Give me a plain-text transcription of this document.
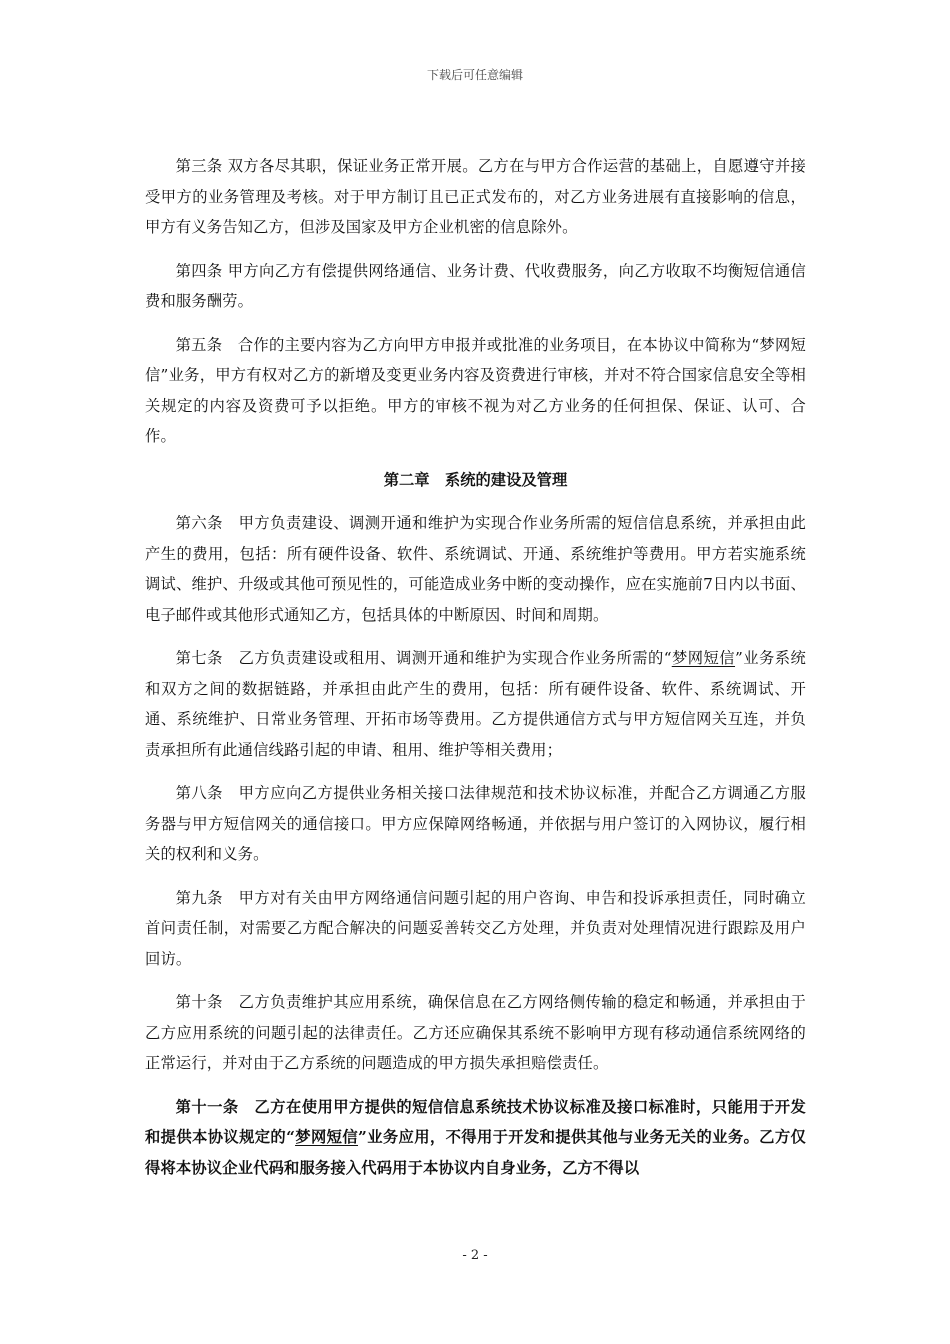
下载后可任意编辑

第三条 双方各尽其职，保证业务正常开展。乙方在与甲方合作运营的基础上，自愿遵守并接受甲方的业务管理及考核。对于甲方制订且已正式发布的，对乙方业务进展有直接影响的信息，甲方有义务告知乙方，但涉及国家及甲方企业机密的信息除外。

第四条 甲方向乙方有偿提供网络通信、业务计费、代收费服务，向乙方收取不均衡短信通信费和服务酬劳。

第五条　合作的主要内容为乙方向甲方申报并或批准的业务项目，在本协议中简称为“梦网短信”业务，甲方有权对乙方的新增及变更业务内容及资费进行审核，并对不符合国家信息安全等相关规定的内容及资费可予以拒绝。甲方的审核不视为对乙方业务的任何担保、保证、认可、合作。

第二章　系统的建设及管理

第六条　甲方负责建设、调测开通和维护为实现合作业务所需的短信信息系统，并承担由此产生的费用，包括：所有硬件设备、软件、系统调试、开通、系统维护等费用。甲方若实施系统调试、维护、升级或其他可预见性的，可能造成业务中断的变动操作，应在实施前7日内以书面、电子邮件或其他形式通知乙方，包括具体的中断原因、时间和周期。

第七条　乙方负责建设或租用、调测开通和维护为实现合作业务所需的“梦网短信”业务系统和双方之间的数据链路，并承担由此产生的费用，包括：所有硬件设备、软件、系统调试、开通、系统维护、日常业务管理、开拓市场等费用。乙方提供通信方式与甲方短信网关互连，并负责承担所有此通信线路引起的申请、租用、维护等相关费用；

第八条　甲方应向乙方提供业务相关接口法律规范和技术协议标准，并配合乙方调通乙方服务器与甲方短信网关的通信接口。甲方应保障网络畅通，并依据与用户签订的入网协议，履行相关的权利和义务。

第九条　甲方对有关由甲方网络通信问题引起的用户咨询、申告和投诉承担责任，同时确立首问责任制，对需要乙方配合解决的问题妥善转交乙方处理，并负责对处理情况进行跟踪及用户回访。

第十条　乙方负责维护其应用系统，确保信息在乙方网络侧传输的稳定和畅通，并承担由于乙方应用系统的问题引起的法律责任。乙方还应确保其系统不影响甲方现有移动通信系统网络的正常运行，并对由于乙方系统的问题造成的甲方损失承担赔偿责任。

第十一条　乙方在使用甲方提供的短信信息系统技术协议标准及接口标准时，只能用于开发和提供本协议规定的“梦网短信”业务应用，不得用于开发和提供其他与业务无关的业务。乙方仅得将本协议企业代码和服务接入代码用于本协议内自身业务，乙方不得以

- 2 -
